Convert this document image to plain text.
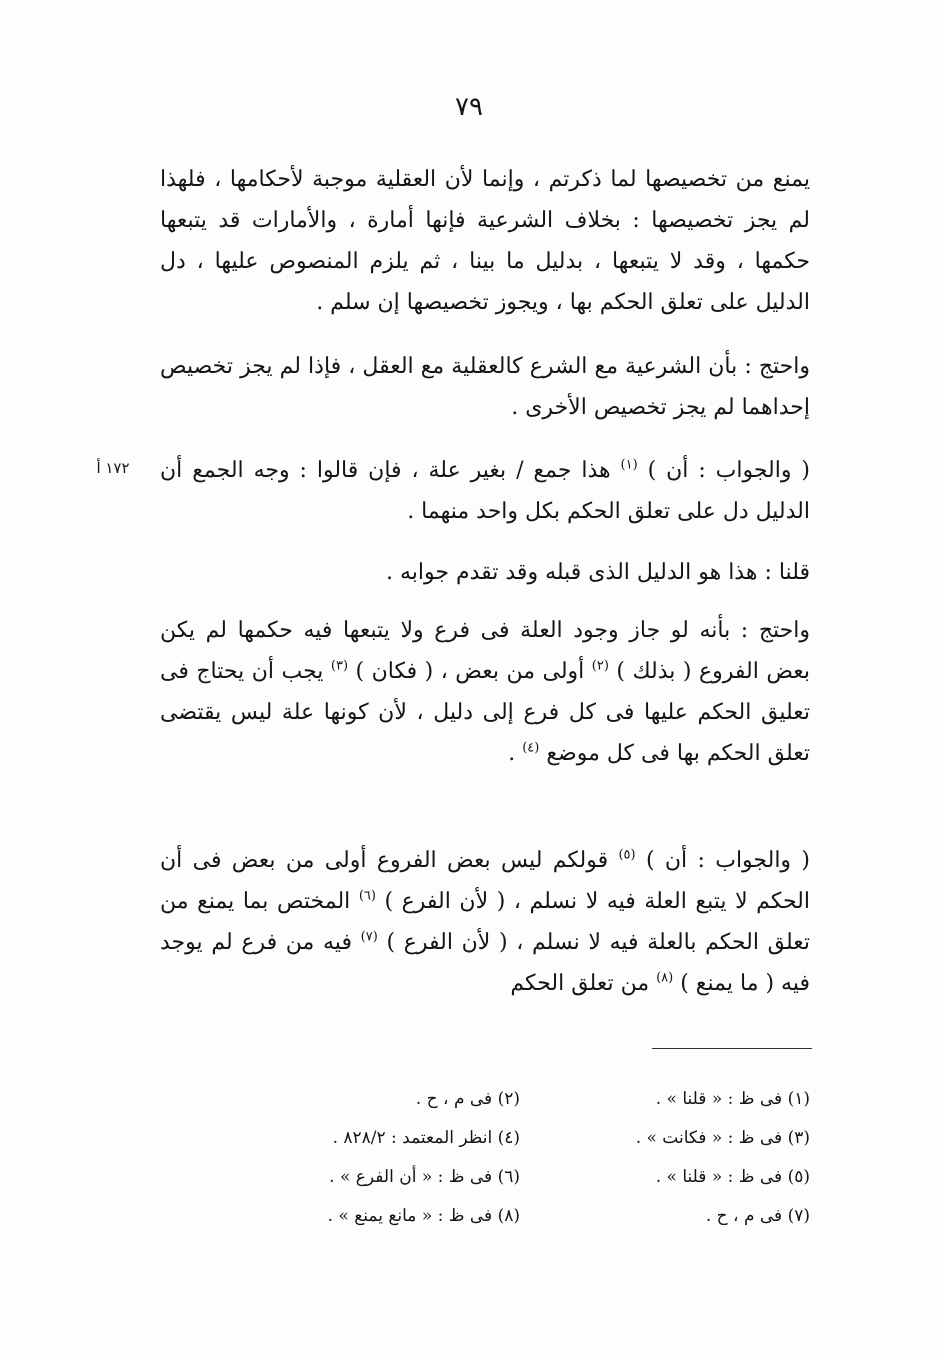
٧٩
يمنع من تخصيصها لما ذكرتم ، وإنما لأن العقلية موجبة لأحكامها ، فلهذا لم يجز تخصيصها : بخلاف الشرعية فإنها أمارة ، والأمارات قد يتبعها حكمها ، وقد لا يتبعها ، بدليل ما بينا ، ثم يلزم المنصوص عليها ، دل الدليل على تعلق الحكم بها ، ويجوز تخصيصها إن سلم .
واحتج : بأن الشرعية مع الشرع كالعقلية مع العقل ، فإذا لم يجز تخصيص إحداهما لم يجز تخصيص الأخرى .
١٧٢ أ	( والجواب : أن ) $^{(١)}$ هذا جمع / بغير علة ، فإن قالوا : وجه الجمع أن الدليل دل على تعلق الحكم بكل واحد منهما .
قلنا : هذا هو الدليل الذى قبله وقد تقدم جوابه .
واحتج : بأنه لو جاز وجود العلة فى فرع ولا يتبعها فيه حكمها لم يكن بعض الفروع ( بذلك ) $^{(٢)}$ أولى من بعض ، ( فكان ) $^{(٣)}$ يجب أن يحتاج فى تعليق الحكم عليها فى كل فرع إلى دليل ، لأن كونها علة ليس يقتضى تعلق الحكم بها فى كل موضع $^{(٤)}$ .
( والجواب : أن ) $^{(٥)}$ قولكم ليس بعض الفروع أولى من بعض فى أن الحكم لا يتبع العلة فيه لا نسلم ، ( لأن الفرع ) $^{(٦)}$ المختص بما يمنع من تعلق الحكم بالعلة فيه لا نسلم ، ( لأن الفرع ) $^{(٧)}$ فيه من فرع لم يوجد فيه ( ما يمنع ) $^{(٨)}$ من تعلق الحكم
(١) فى ظ : « قلنا » .
(٢) فى م ، ح .
(٣) فى ظ : « فكانت » .
(٤) انظر المعتمد : ٨٢٨/٢ .
(٥) فى ظ : « قلنا » .
(٦) فى ظ : « أن الفرع » .
(٧) فى م ، ح .
(٨) فى ظ : « مانع يمنع » .
